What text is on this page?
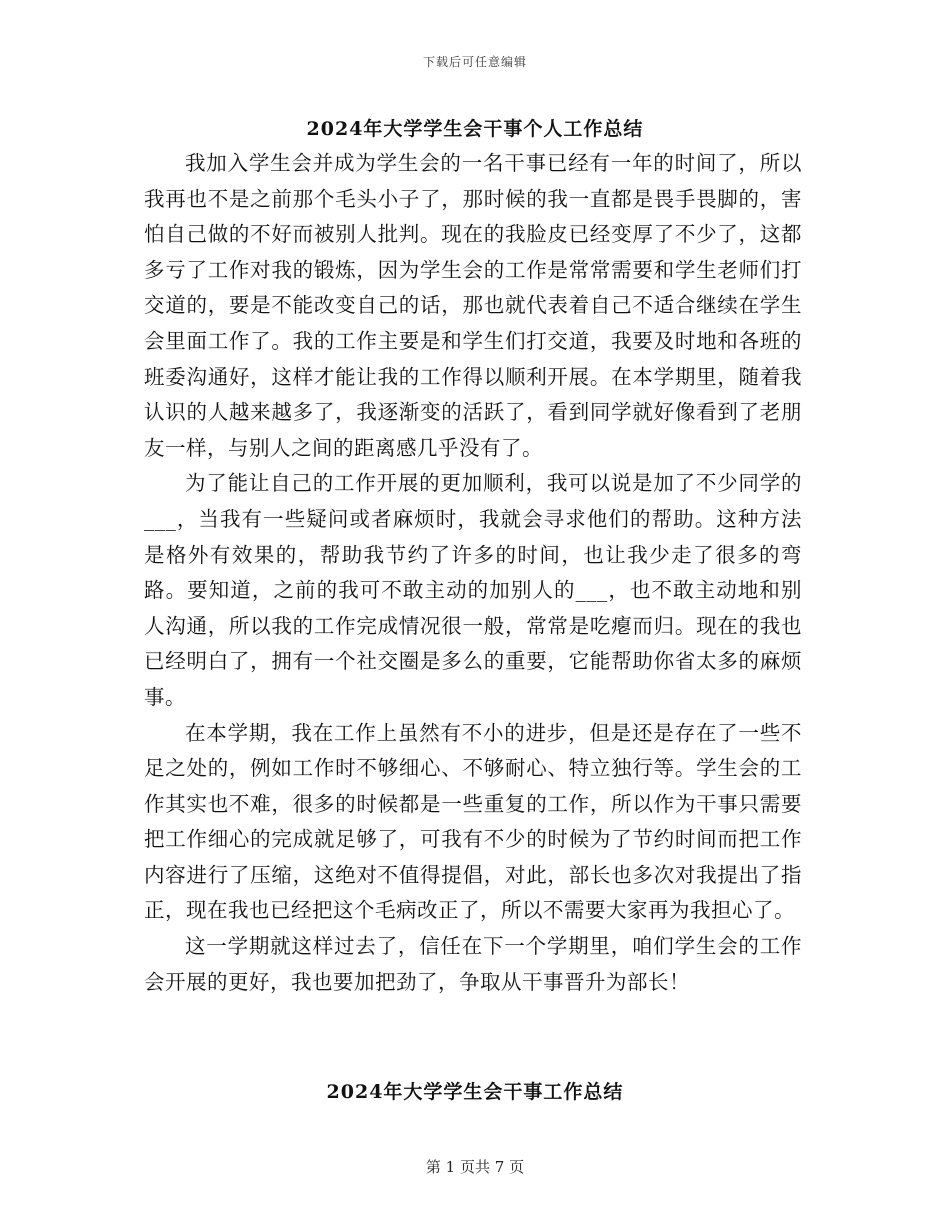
下载后可任意编辑
2024年大学学生会干事个人工作总结

我加入学生会并成为学生会的一名干事已经有一年的时间了，所以我再也不是之前那个毛头小子了，那时候的我一直都是畏手畏脚的，害怕自己做的不好而被别人批判。现在的我脸皮已经变厚了不少了，这都多亏了工作对我的锻炼，因为学生会的工作是常常需要和学生老师们打交道的，要是不能改变自己的话，那也就代表着自己不适合继续在学生会里面工作了。我的工作主要是和学生们打交道，我要及时地和各班的班委沟通好，这样才能让我的工作得以顺利开展。在本学期里，随着我认识的人越来越多了，我逐渐变的活跃了，看到同学就好像看到了老朋友一样，与别人之间的距离感几乎没有了。

为了能让自己的工作开展的更加顺利，我可以说是加了不少同学的___，当我有一些疑问或者麻烦时，我就会寻求他们的帮助。这种方法是格外有效果的，帮助我节约了许多的时间，也让我少走了很多的弯路。要知道，之前的我可不敢主动的加别人的___，也不敢主动地和别人沟通，所以我的工作完成情况很一般，常常是吃瘪而归。现在的我也已经明白了，拥有一个社交圈是多么的重要，它能帮助你省太多的麻烦事。

在本学期，我在工作上虽然有不小的进步，但是还是存在了一些不足之处的，例如工作时不够细心、不够耐心、特立独行等。学生会的工作其实也不难，很多的时候都是一些重复的工作，所以作为干事只需要把工作细心的完成就足够了，可我有不少的时候为了节约时间而把工作内容进行了压缩，这绝对不值得提倡，对此，部长也多次对我提出了指正，现在我也已经把这个毛病改正了，所以不需要大家再为我担心了。

这一学期就这样过去了，信任在下一个学期里，咱们学生会的工作会开展的更好，我也要加把劲了，争取从干事晋升为部长！

2024年大学学生会干事工作总结
第 1 页共 7 页
